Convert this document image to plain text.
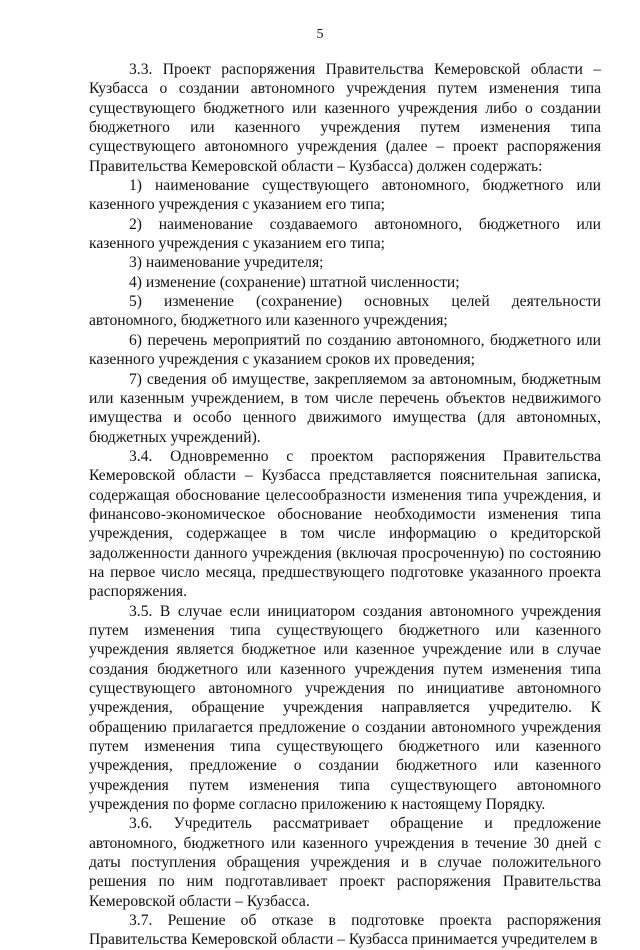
5

3.3. Проект распоряжения Правительства Кемеровской области – Кузбасса о создании автономного учреждения путем изменения типа существующего бюджетного или казенного учреждения либо о создании бюджетного или казенного учреждения путем изменения типа существующего автономного учреждения (далее – проект распоряжения Правительства Кемеровской области – Кузбасса) должен содержать:

1) наименование существующего автономного, бюджетного или казенного учреждения с указанием его типа;

2) наименование создаваемого автономного, бюджетного или казенного учреждения с указанием его типа;

3) наименование учредителя;

4) изменение (сохранение) штатной численности;

5) изменение (сохранение) основных целей деятельности автономного, бюджетного или казенного учреждения;

6) перечень мероприятий по созданию автономного, бюджетного или казенного учреждения с указанием сроков их проведения;

7) сведения об имуществе, закрепляемом за автономным, бюджетным или казенным учреждением, в том числе перечень объектов недвижимого имущества и особо ценного движимого имущества (для автономных, бюджетных учреждений).

3.4. Одновременно с проектом распоряжения Правительства Кемеровской области – Кузбасса представляется пояснительная записка, содержащая обоснование целесообразности изменения типа учреждения, и финансово-экономическое обоснование необходимости изменения типа учреждения, содержащее в том числе информацию о кредиторской задолженности данного учреждения (включая просроченную) по состоянию на первое число месяца, предшествующего подготовке указанного проекта распоряжения.

3.5. В случае если инициатором создания автономного учреждения путем изменения типа существующего бюджетного или казенного учреждения является бюджетное или казенное учреждение или в случае создания бюджетного или казенного учреждения путем изменения типа существующего автономного учреждения по инициативе автономного учреждения, обращение учреждения направляется учредителю. К обращению прилагается предложение о создании автономного учреждения путем изменения типа существующего бюджетного или казенного учреждения, предложение о создании бюджетного или казенного учреждения путем изменения типа существующего автономного учреждения по форме согласно приложению к настоящему Порядку.

3.6. Учредитель рассматривает обращение и предложение автономного, бюджетного или казенного учреждения в течение 30 дней с даты поступления обращения учреждения и в случае положительного решения по ним подготавливает проект распоряжения Правительства Кемеровской области – Кузбасса.

3.7. Решение об отказе в подготовке проекта распоряжения Правительства Кемеровской области – Кузбасса принимается учредителем в
